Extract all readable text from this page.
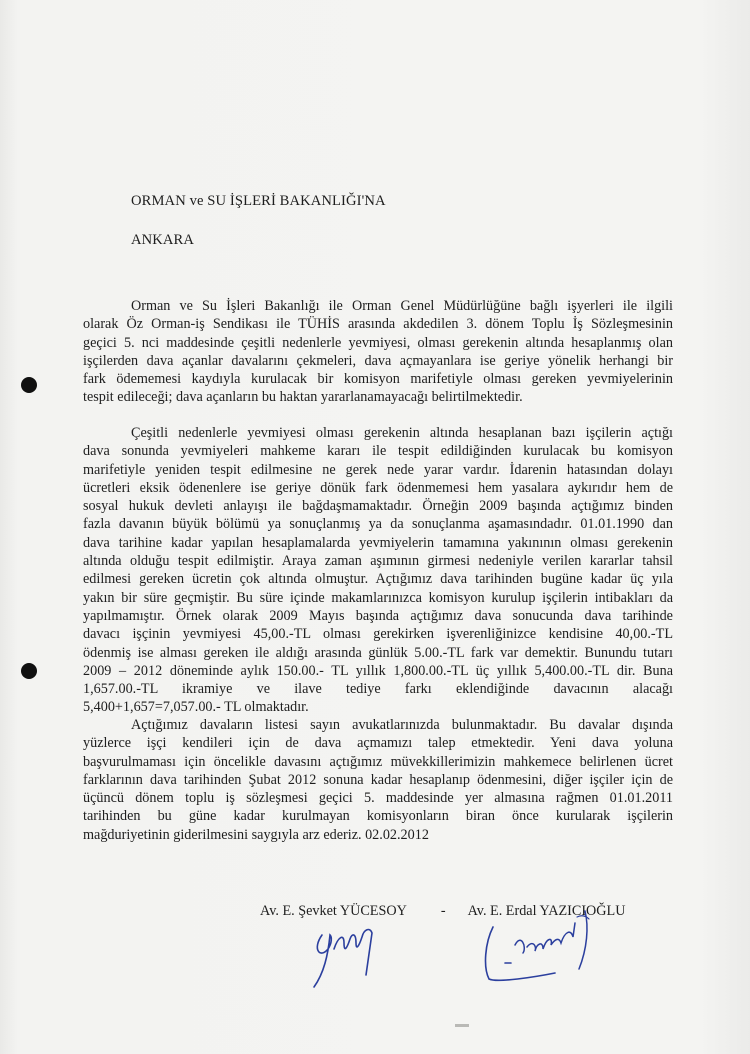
ORMAN ve SU İŞLERİ BAKANLIĞI'NA
ANKARA
Orman ve Su İşleri Bakanlığı ile Orman Genel Müdürlüğüne bağlı işyerleri ile ilgili
olarak Öz Orman-iş Sendikası ile TÜHİS arasında akdedilen 3. dönem Toplu İş Sözleşmesinin
geçici 5. nci maddesinde çeşitli nedenlerle yevmiyesi, olması gerekenin altında hesaplanmış olan
işçilerden dava açanlar davalarını çekmeleri, dava açmayanlara ise geriye yönelik herhangi bir
fark ödememesi kaydıyla kurulacak bir komisyon marifetiyle olması gereken yevmiyelerinin
tespit edileceği; dava açanların bu haktan yararlanamayacağı belirtilmektedir.
Çeşitli nedenlerle yevmiyesi olması gerekenin altında hesaplanan bazı işçilerin açtığı
dava sonunda yevmiyeleri mahkeme kararı ile tespit edildiğinden kurulacak bu komisyon
marifetiyle yeniden tespit edilmesine ne gerek nede yarar vardır. İdarenin hatasından dolayı
ücretleri eksik ödenenlere ise geriye dönük fark ödenmemesi hem yasalara aykırıdır hem de
sosyal hukuk devleti anlayışı ile bağdaşmamaktadır. Örneğin 2009 başında açtığımız binden
fazla davanın büyük bölümü ya sonuçlanmış ya da sonuçlanma aşamasındadır. 01.01.1990 dan
dava tarihine kadar yapılan hesaplamalarda yevmiyelerin tamamına yakınının olması gerekenin
altında olduğu tespit edilmiştir. Araya zaman aşımının girmesi nedeniyle verilen kararlar tahsil
edilmesi gereken ücretin çok altında olmuştur. Açtığımız dava tarihinden bugüne kadar üç yıla
yakın bir süre geçmiştir. Bu süre içinde makamlarınızca komisyon kurulup işçilerin intibakları da
yapılmamıştır. Örnek olarak 2009 Mayıs başında açtığımız dava sonucunda dava tarihinde
davacı işçinin yevmiyesi 45,00.-TL olması gerekirken işverenliğinizce kendisine 40,00.-TL
ödenmiş ise alması gereken ile aldığı arasında günlük 5.00.-TL fark var demektir. Bunundu tutarı
2009 – 2012 döneminde aylık 150.00.- TL yıllık 1,800.00.-TL üç yıllık 5,400.00.-TL dir. Buna
1,657.00.-TL ikramiye ve ilave tediye farkı eklendiğinde davacının alacağı
5,400+1,657=7,057.00.- TL olmaktadır.
Açtığımız davaların listesi sayın avukatlarınızda bulunmaktadır. Bu davalar dışında
yüzlerce işçi kendileri için de dava açmamızı talep etmektedir. Yeni dava yoluna
başvurulmaması için öncelikle davasını açtığımız müvekkillerimizin mahkemece belirlenen ücret
farklarının dava tarihinden Şubat 2012 sonuna kadar hesaplanıp ödenmesini, diğer işçiler için de
üçüncü dönem toplu iş sözleşmesi geçici 5. maddesinde yer almasına rağmen 01.01.2011
tarihinden bu güne kadar kurulmayan komisyonların biran önce kurularak işçilerin
mağduriyetinin giderilmesini saygıyla arz ederiz. 02.02.2012
Av. E. Şevket YÜCESOY - Av. E. Erdal YAZICIOĞLU
